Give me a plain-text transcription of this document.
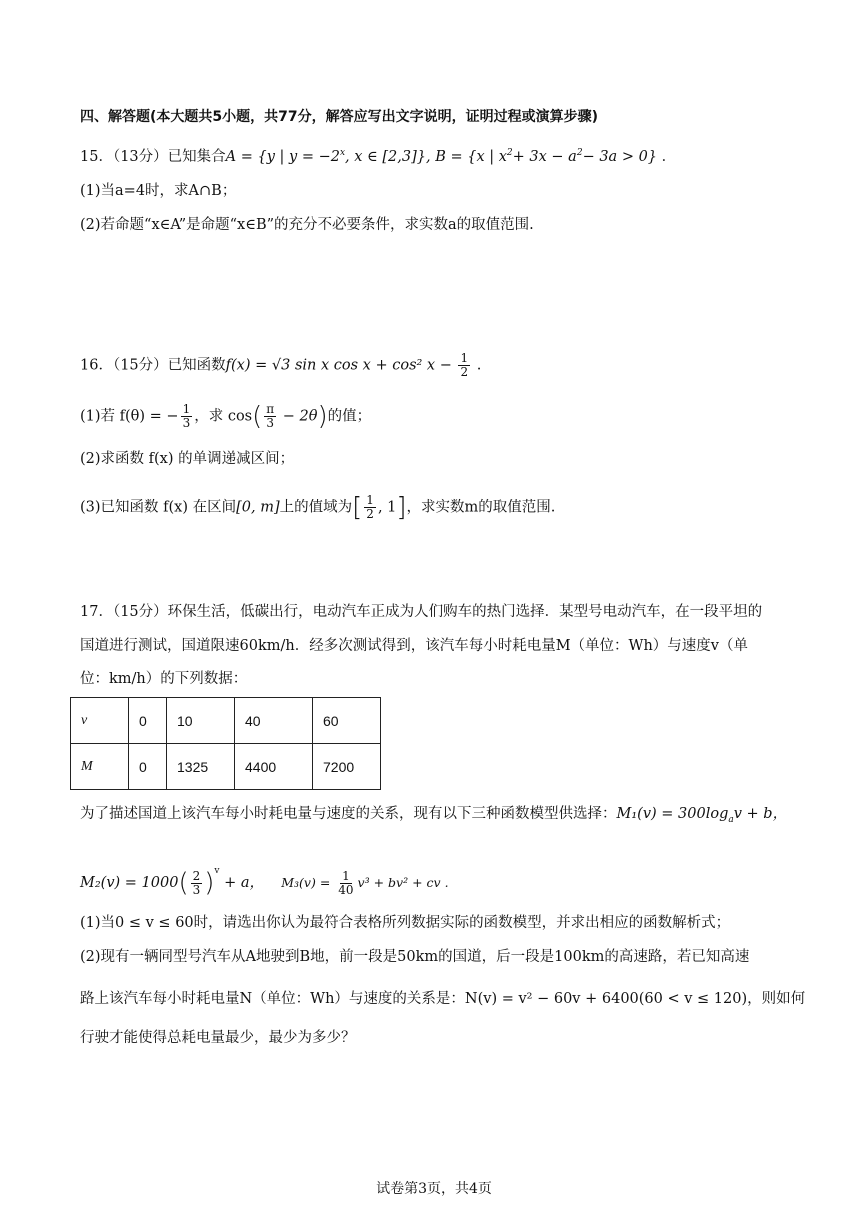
四、解答题(本大题共5小题，共77分，解答应写出文字说明，证明过程或演算步骤)
15．（13分）已知集合A = {y | $y = -2^x$, x ∈ [2,3]}, B = {x | $x^2+ 3x - a^2- 3a > 0$} ．
(1)当a=4时，求A∩B；
(2)若命题“x∈A”是命题“x∈B”的充分不必要条件，求实数a的取值范围.
16．（15分）已知函数f(x) = √3 sin x cos x + cos² $x - \frac{1}{2}$ .
(1)若 f(θ) = − $\frac{1}{3}$ ，求 $\cos( \frac{\pi}{3} - 2\theta)$的值；
(2)求函数 f(x) 的单调递减区间；
(3)已知函数 f(x) 在区间[0, m]上的值域为[ $\frac{1}{2}$ , 1]，求实数m的取值范围.
17．（15分）环保生活，低碳出行，电动汽车正成为人们购车的热门选择．某型号电动汽车，在一段平坦的
国道进行测试，国道限速60km/h．经多次测试得到，该汽车每小时耗电量M（单位：Wh）与速度v（单
位：km/h）的下列数据：
v	0	10	40	60
M	0	1325	4400	7200
为了描述国道上该汽车每小时耗电量与速度的关系，现有以下三种函数模型供选择：$M_1(v) = 300\log_av + b$，
$M_2(v) = 1000( \frac{2}{3} )^v + a$， $M_3(v) = \frac{1}{40} v^3 + bv^2$ + cv .
(1)当0 ≤ v ≤ 60时，请选出你认为最符合表格所列数据实际的函数模型，并求出相应的函数解析式；
(2)现有一辆同型号汽车从A地驶到B地，前一段是50km的国道，后一段是100km的高速路，若已知高速
路上该汽车每小时耗电量N（单位：Wh）与速度的关系是：N(v) = v² − 60v + 6400(60 < v ≤ 120)，则如何
行驶才能使得总耗电量最少，最少为多少？
试卷第3页，共4页
